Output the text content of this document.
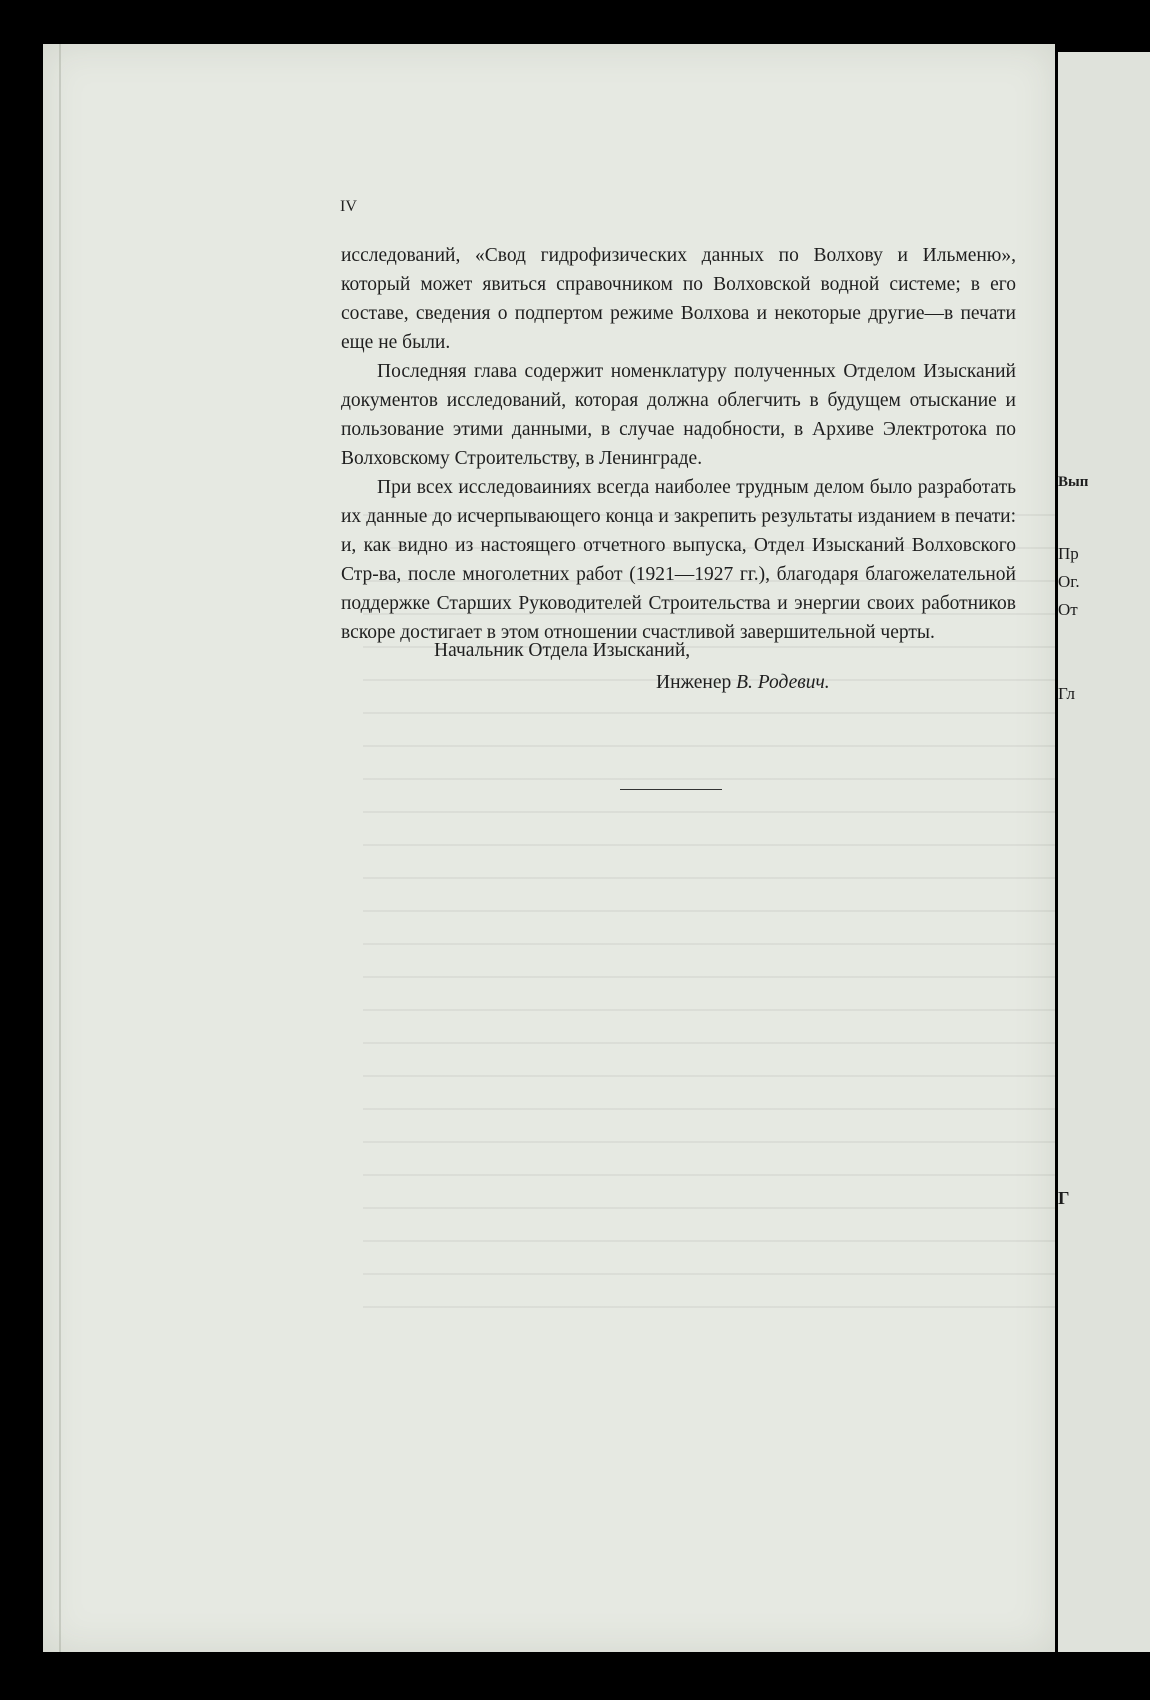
Вып
Пр
Ог.
От
Гл
Г
IV

исследований, «Свод гидрофизических данных по Волхову и Ильменю», который может явиться справочником по Волховской водной системе; в его составе, сведения о подпертом режиме Волхова и некоторые другие—в печати еще не были.

Последняя глава содержит номенклатуру полученных Отделом Изысканий документов исследований, которая должна облегчить в будущем отыскание и пользование этими данными, в случае надобности, в Архиве Электротока по Волховскому Строительству, в Ленинграде.

При всех исследоваиниях всегда наиболее трудным делом было разработать их данные до исчерпывающего конца и закрепить результаты изданием в печати: и, как видно из настоящего отчетного выпуска, Отдел Изысканий Волховского Стр-ва, после многолетних работ (1921—1927 гг.), благодаря благожелательной поддержке Старших Руководителей Строительства и энергии своих работников вскоре достигает в этом отношении счастливой завершительной черты.

Начальник Отдела Изысканий,
Инженер В. Родевич.
